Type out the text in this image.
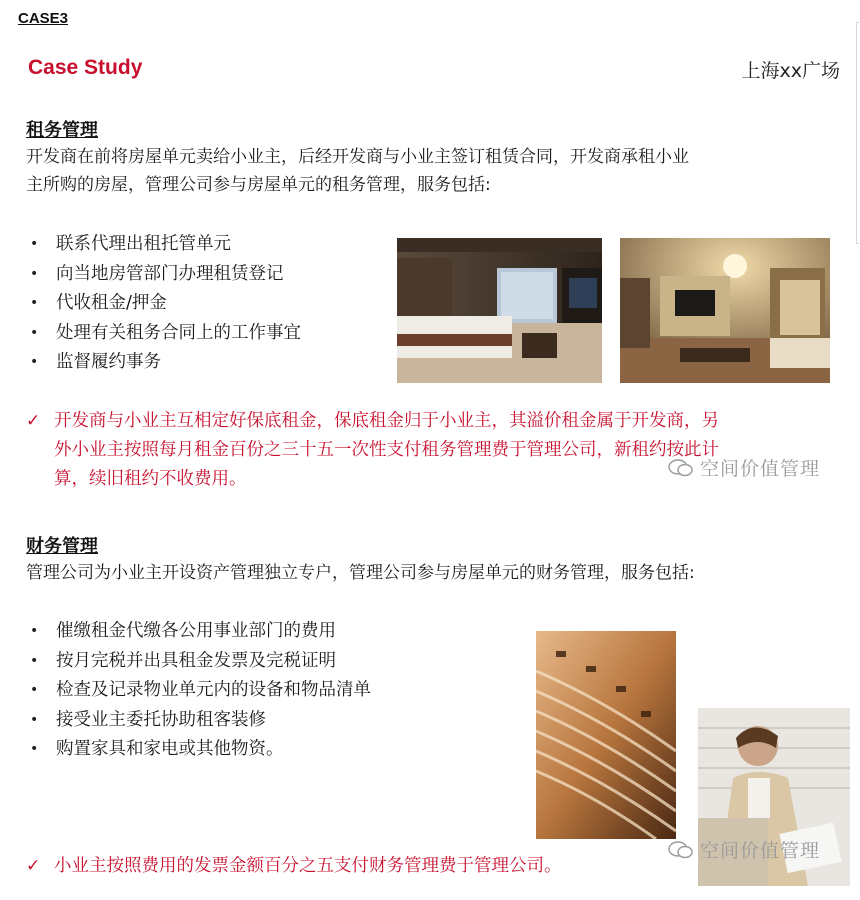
CASE3
Case Study	上海xx广场
租务管理
开发商在前将房屋单元卖给小业主，后经开发商与小业主签订租赁合同，开发商承租小业
主所购的房屋，管理公司参与房屋单元的租务管理，服务包括:
• 联系代理出租托管单元
• 向当地房管部门办理租赁登记
• 代收租金/押金
• 处理有关租务合同上的工作事宜
• 监督履约事务
✓ 开发商与小业主互相定好保底租金，保底租金归于小业主，其溢价租金属于开发商，另
外小业主按照每月租金百份之三十五一次性支付租务管理费于管理公司，新租约按此计
算，续旧租约不收费用。	空间价值管理
财务管理
管理公司为小业主开设资产管理独立专户，管理公司参与房屋单元的财务管理，服务包括:
• 催缴租金代缴各公用事业部门的费用
• 按月完税并出具租金发票及完税证明
• 检查及记录物业单元内的设备和物品清单
• 接受业主委托协助租客装修
• 购置家具和家电或其他物资。
✓ 小业主按照费用的发票金额百分之五支付财务管理费于管理公司。
空间价值管理
